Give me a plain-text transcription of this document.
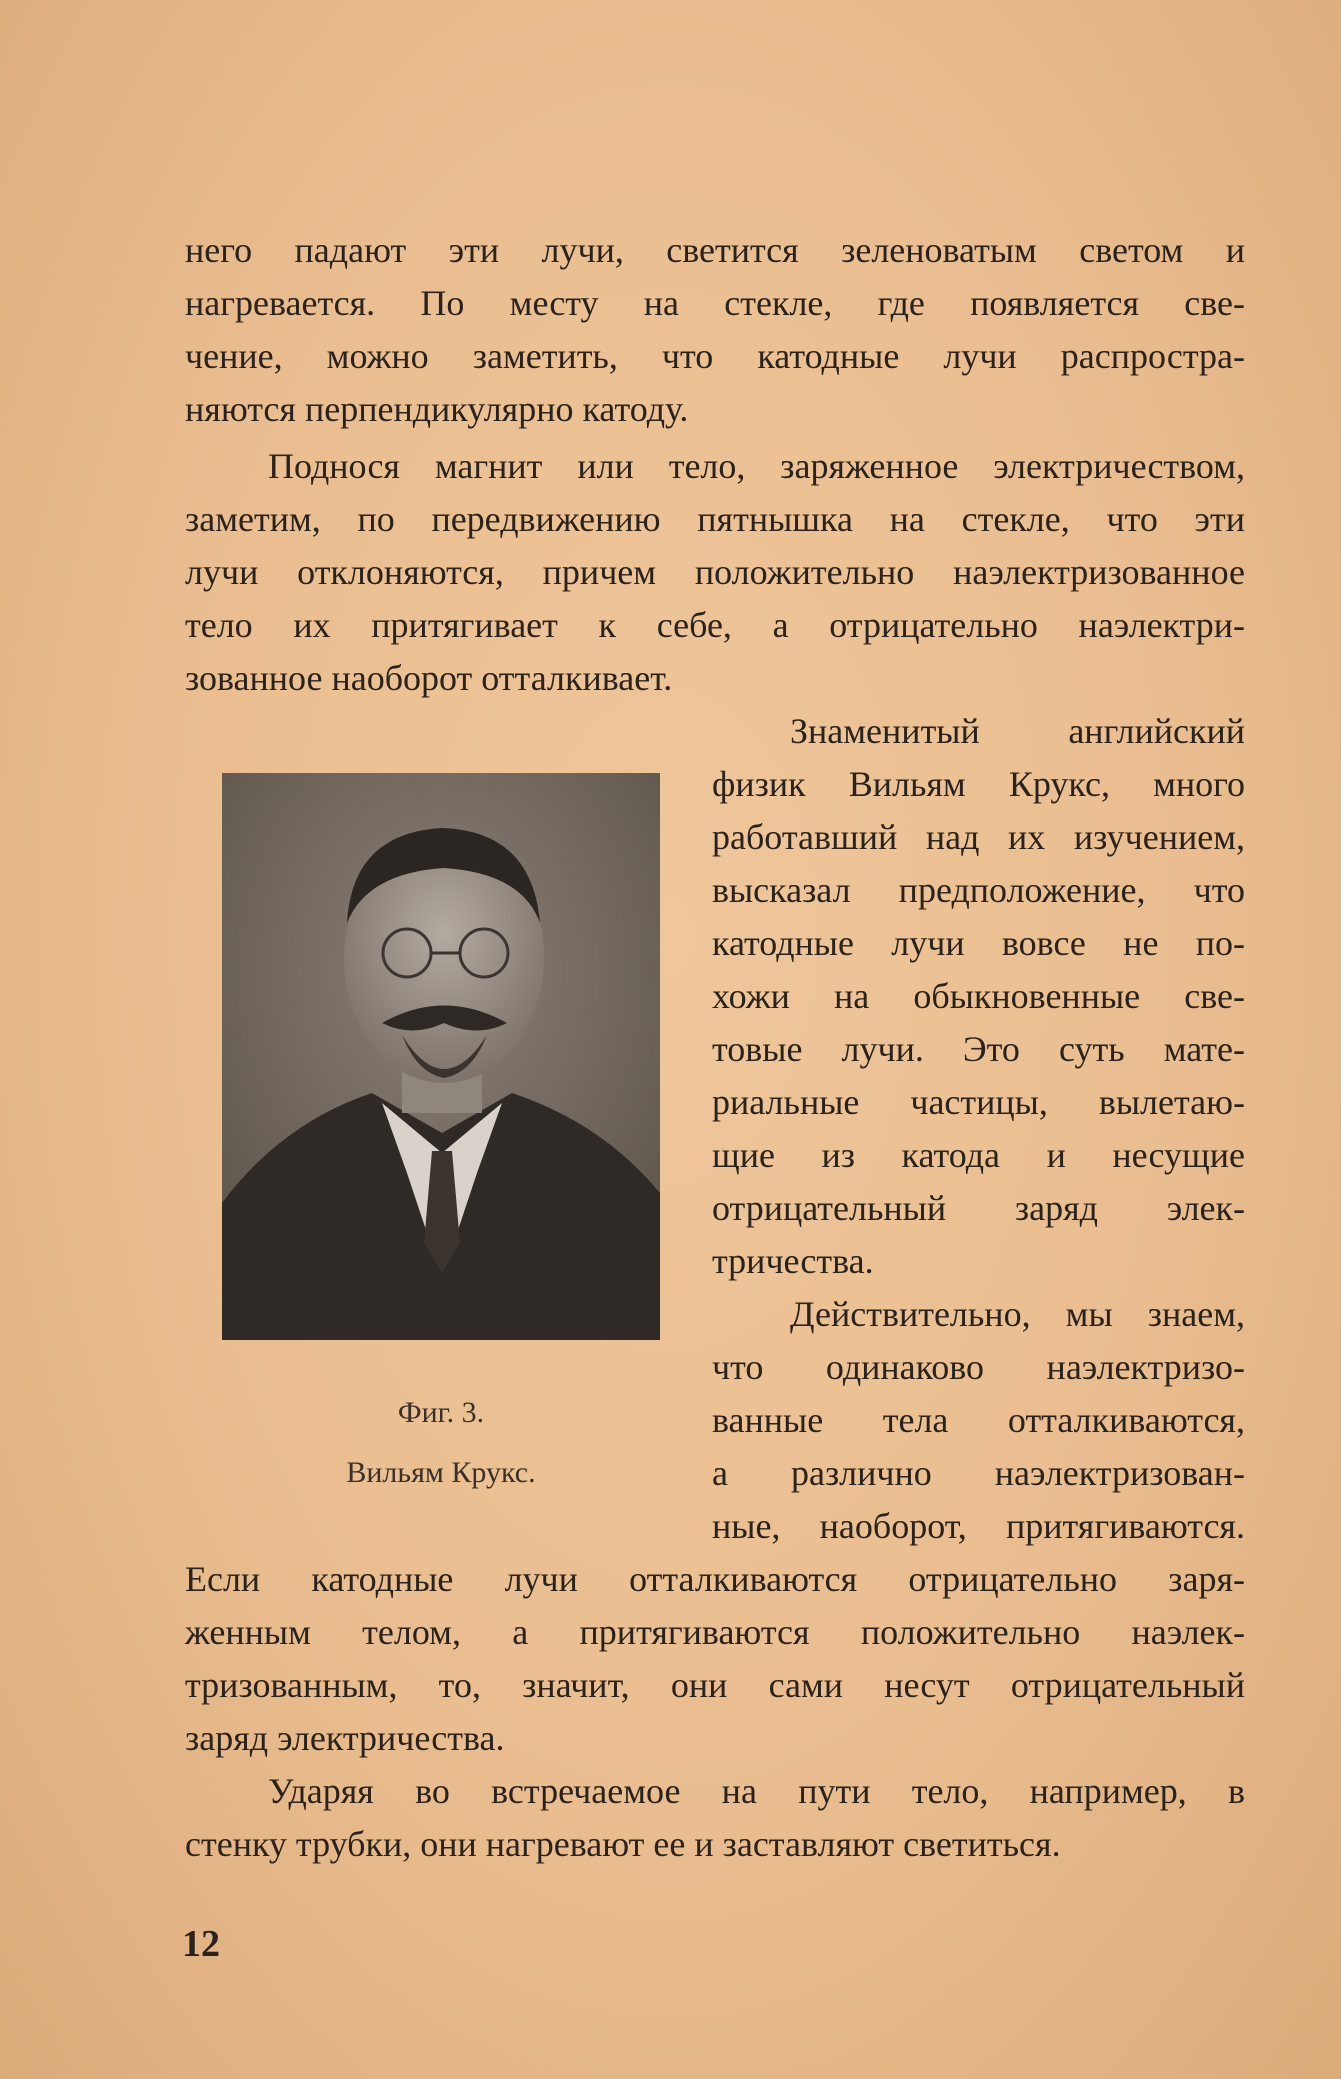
него падают эти лучи, светится зеленоватым светом и
нагревается. По месту на стекле, где появляется све-
чение, можно заметить, что катодные лучи распростра-
няются перпендикулярно катоду.
Поднося магнит или тело, заряженное электричеством,
заметим, по передвижению пятнышка на стекле, что эти
лучи отклоняются, причем положительно наэлектризованное
тело их притягивает к себе, а отрицательно наэлектри-
зованное наоборот отталкивает.
Знаменитый английский
физик Вильям Крукс, много
работавший над их изучением,
высказал предположение, что
катодные лучи вовсе не по-
хожи на обыкновенные све-
товые лучи. Это суть мате-
риальные частицы, вылетаю-
щие из катода и несущие
отрицательный заряд элек-
тричества.
Действительно, мы знаем,
что одинаково наэлектризо-
ванные тела отталкиваются,
а различно наэлектризован-
ные, наоборот, притягиваются.
Если катодные лучи отталкиваются отрицательно заря-
женным телом, а притягиваются положительно наэлек-
тризованным, то, значит, они сами несут отрицательный
заряд электричества.
Ударяя во встречаемое на пути тело, например, в
стенку трубки, они нагревают ее и заставляют светиться.
Фиг. 3.
Вильям Крукс.
12
